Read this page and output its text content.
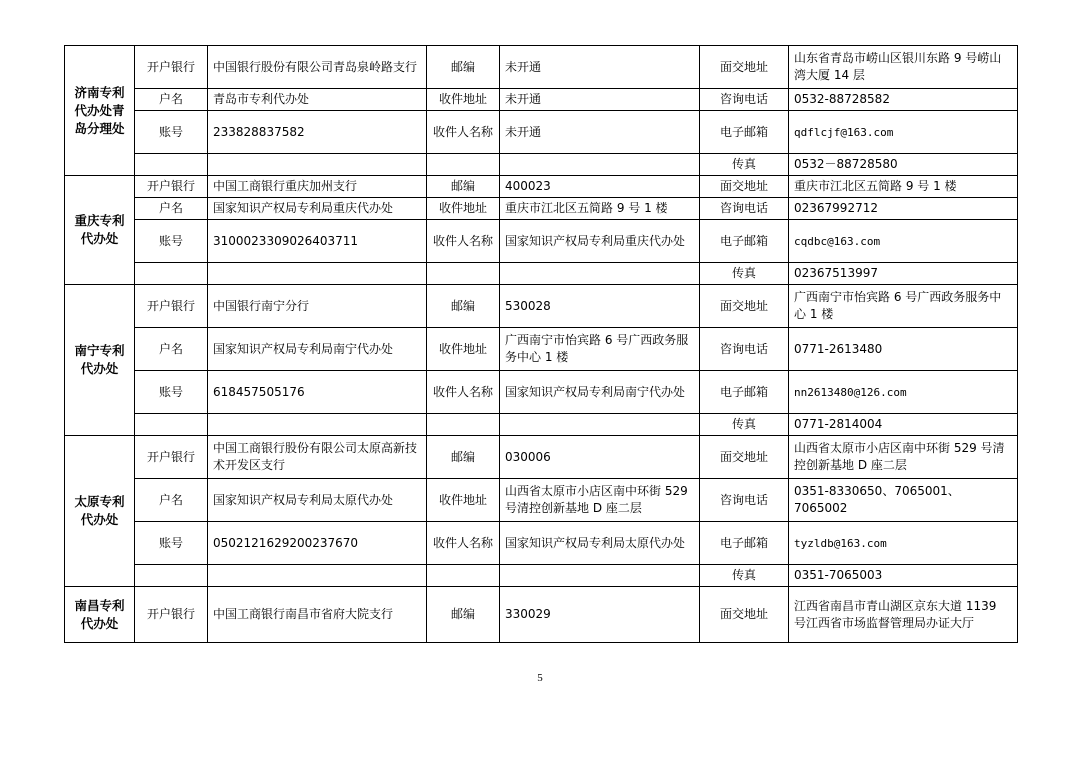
济南专利代办处青岛分理处	开户银行	中国银行股份有限公司青岛泉岭路支行	邮编	未开通	面交地址	山东省青岛市崂山区银川东路 9 号崂山湾大厦 14 层
	户名	青岛市专利代办处	收件地址	未开通	咨询电话	0532-88728582
	账号	233828837582	收件人名称	未开通	电子邮箱	qdflcjf@163.com
					传真	0532－88728580
重庆专利代办处	开户银行	中国工商银行重庆加州支行	邮编	400023	面交地址	重庆市江北区五简路 9 号 1 楼
	户名	国家知识产权局专利局重庆代办处	收件地址	重庆市江北区五简路 9 号 1 楼	咨询电话	02367992712
	账号	3100023309026403711	收件人名称	国家知识产权局专利局重庆代办处	电子邮箱	cqdbc@163.com
					传真	02367513997
南宁专利代办处	开户银行	中国银行南宁分行	邮编	530028	面交地址	广西南宁市怡宾路 6 号广西政务服务中心 1 楼
	户名	国家知识产权局专利局南宁代办处	收件地址	广西南宁市怡宾路 6 号广西政务服务中心 1 楼	咨询电话	0771-2613480
	账号	618457505176	收件人名称	国家知识产权局专利局南宁代办处	电子邮箱	nn2613480@126.com
					传真	0771-2814004
太原专利代办处	开户银行	中国工商银行股份有限公司太原高新技术开发区支行	邮编	030006	面交地址	山西省太原市小店区南中环街 529 号清控创新基地 D 座二层
	户名	国家知识产权局专利局太原代办处	收件地址	山西省太原市小店区南中环街 529 号清控创新基地 D 座二层	咨询电话	0351-8330650、7065001、7065002
	账号	0502121629200237670	收件人名称	国家知识产权局专利局太原代办处	电子邮箱	tyzldb@163.com
					传真	0351-7065003
南昌专利代办处	开户银行	中国工商银行南昌市省府大院支行	邮编	330029	面交地址	江西省南昌市青山湖区京东大道 1139 号江西省市场监督管理局办证大厅
5
